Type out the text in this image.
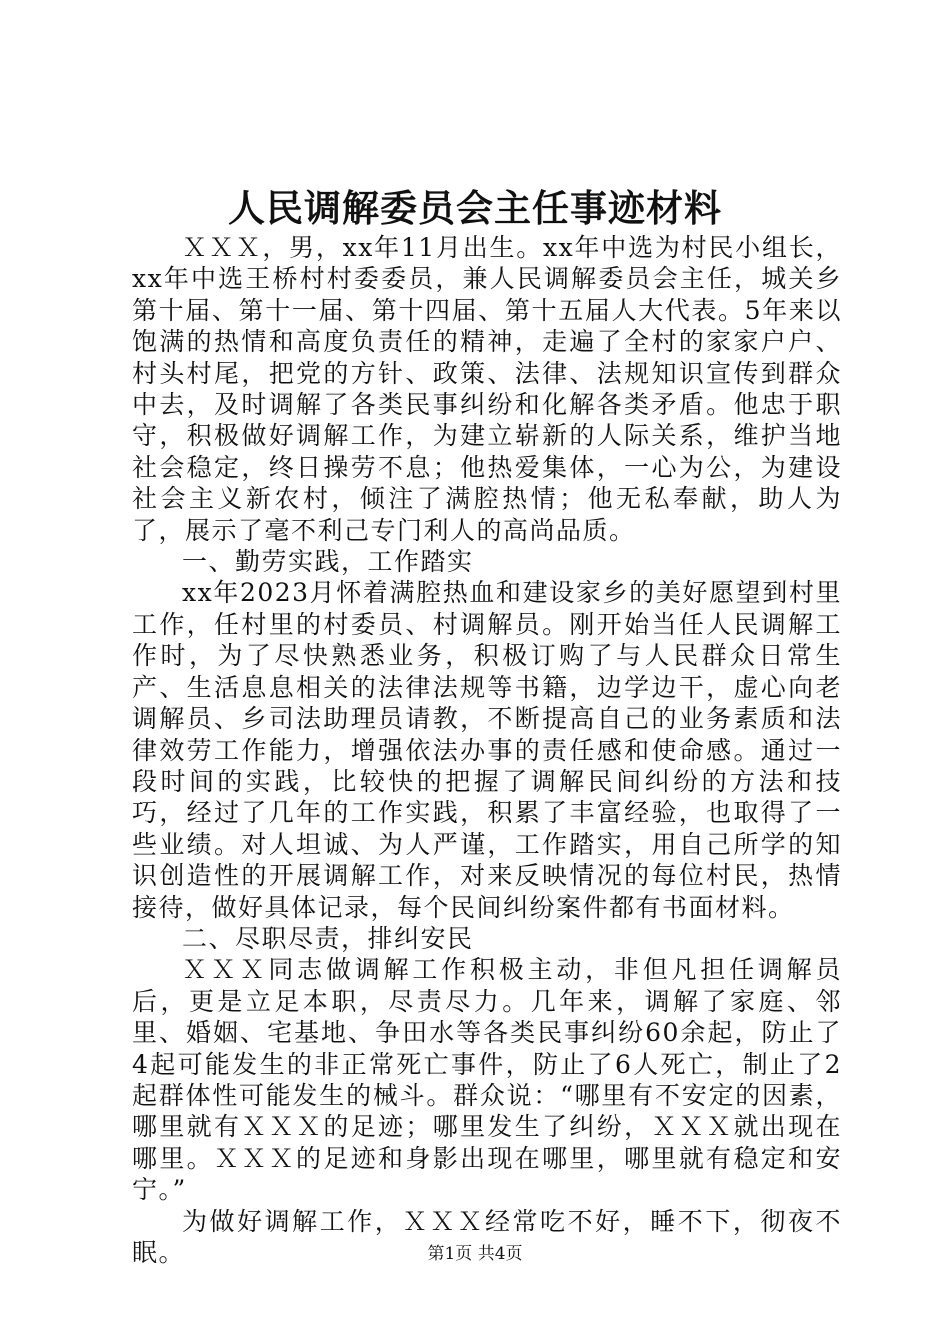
人民调解委员会主任事迹材料

ＸＸＸ，男，xx年11月出生。xx年中选为村民小组长，xx年中选王桥村村委委员，兼人民调解委员会主任，城关乡第十届、第十一届、第十四届、第十五届人大代表。5年来以饱满的热情和高度负责任的精神，走遍了全村的家家户户、村头村尾，把党的方针、政策、法律、法规知识宣传到群众中去，及时调解了各类民事纠纷和化解各类矛盾。他忠于职守，积极做好调解工作，为建立崭新的人际关系，维护当地社会稳定，终日操劳不息；他热爱集体，一心为公，为建设社会主义新农村，倾注了满腔热情；他无私奉献，助人为了，展示了毫不利己专门利人的高尚品质。

一、勤劳实践，工作踏实

xx年2023月怀着满腔热血和建设家乡的美好愿望到村里工作，任村里的村委员、村调解员。刚开始当任人民调解工作时，为了尽快熟悉业务，积极订购了与人民群众日常生产、生活息息相关的法律法规等书籍，边学边干，虚心向老调解员、乡司法助理员请教，不断提高自己的业务素质和法律效劳工作能力，增强依法办事的责任感和使命感。通过一段时间的实践，比较快的把握了调解民间纠纷的方法和技巧，经过了几年的工作实践，积累了丰富经验，也取得了一些业绩。对人坦诚、为人严谨，工作踏实，用自己所学的知识创造性的开展调解工作，对来反映情况的每位村民，热情接待，做好具体记录，每个民间纠纷案件都有书面材料。

二、尽职尽责，排纠安民

ＸＸＸ同志做调解工作积极主动，非但凡担任调解员后，更是立足本职，尽责尽力。几年来，调解了家庭、邻里、婚姻、宅基地、争田水等各类民事纠纷60余起，防止了4起可能发生的非正常死亡事件，防止了6人死亡，制止了2起群体性可能发生的械斗。群众说：“哪里有不安定的因素，哪里就有ＸＸＸ的足迹；哪里发生了纠纷，ＸＸＸ就出现在哪里。ＸＸＸ的足迹和身影出现在哪里，哪里就有稳定和安宁。”

为做好调解工作，ＸＸＸ经常吃不好，睡不下，彻夜不眠。	第1页 共4页
